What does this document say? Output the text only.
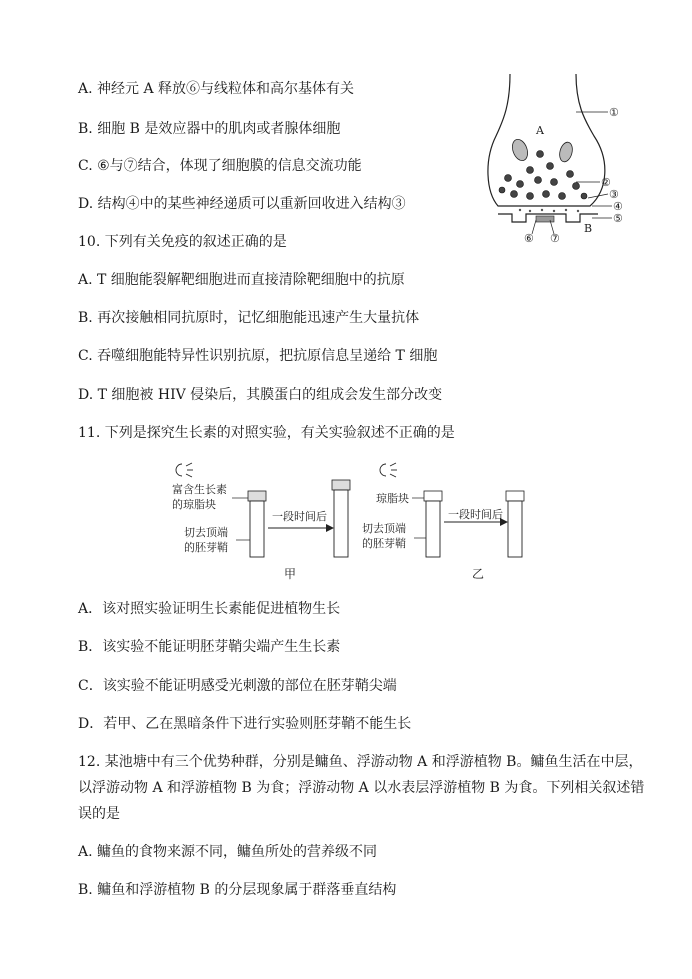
A. 神经元 A 释放⑥与线粒体和高尔基体有关
B. 细胞 B 是效应器中的肌肉或者腺体细胞
C. ⑥与⑦结合，体现了细胞膜的信息交流功能
D. 结构④中的某些神经递质可以重新回收进入结构③
A
B
①
②
③
④
⑤
⑥ ⑦
10. 下列有关免疫的叙述正确的是
A. T 细胞能裂解靶细胞进而直接清除靶细胞中的抗原
B. 再次接触相同抗原时，记忆细胞能迅速产生大量抗体
C. 吞噬细胞能特异性识别抗原，把抗原信息呈递给 T 细胞
D. T 细胞被 HIV 侵染后，其膜蛋白的组成会发生部分改变
11. 下列是探究生长素的对照实验，有关实验叙述不正确的是
富含生长素
的琼脂块
切去顶端
的胚芽鞘
一段时间后
甲
琼脂块
切去顶端
的胚芽鞘
一段时间后
乙
A．该对照实验证明生长素能促进植物生长
B．该实验不能证明胚芽鞘尖端产生生长素
C．该实验不能证明感受光刺激的部位在胚芽鞘尖端
D．若甲、乙在黑暗条件下进行实验则胚芽鞘不能生长
12. 某池塘中有三个优势种群，分别是鳙鱼、浮游动物 A 和浮游植物 B。鳙鱼生活在中层，
以浮游动物 A 和浮游植物 B 为食；浮游动物 A 以水表层浮游植物 B 为食。下列相关叙述错
误的是
A. 鳙鱼的食物来源不同，鳙鱼所处的营养级不同
B. 鳙鱼和浮游植物 B 的分层现象属于群落垂直结构
